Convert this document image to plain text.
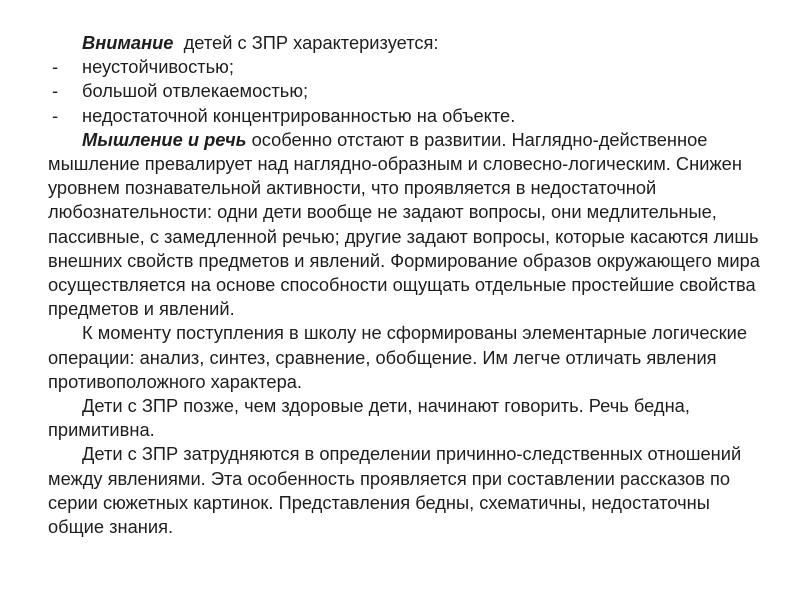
Внимание  детей с ЗПР характеризуется:

- неустойчивостью;
- большой отвлекаемостью;
- недостаточной концентрированностью на объекте.

Мышление и речь особенно отстают в развитии. Наглядно-действенное мышление превалирует над наглядно-образным и словесно-логическим. Снижен уровнем познавательной активности, что проявляется в недостаточной любознательности: одни дети вообще не задают вопросы, они медлительные, пассивные, с замедленной речью; другие задают вопросы, которые касаются лишь внешних свойств предметов и явлений. Формирование образов окружающего мира осуществляется на основе способности ощущать отдельные простейшие свойства предметов и явлений.

К моменту поступления в школу не сформированы элементарные логические операции: анализ, синтез, сравнение, обобщение. Им легче отличать явления противоположного характера.

Дети с ЗПР позже, чем здоровые дети, начинают говорить. Речь бедна, примитивна.

Дети с ЗПР затрудняются в определении причинно-следственных отношений между явлениями. Эта особенность проявляется при составлении рассказов по серии сюжетных картинок. Представления бедны, схематичны, недостаточны общие знания.
